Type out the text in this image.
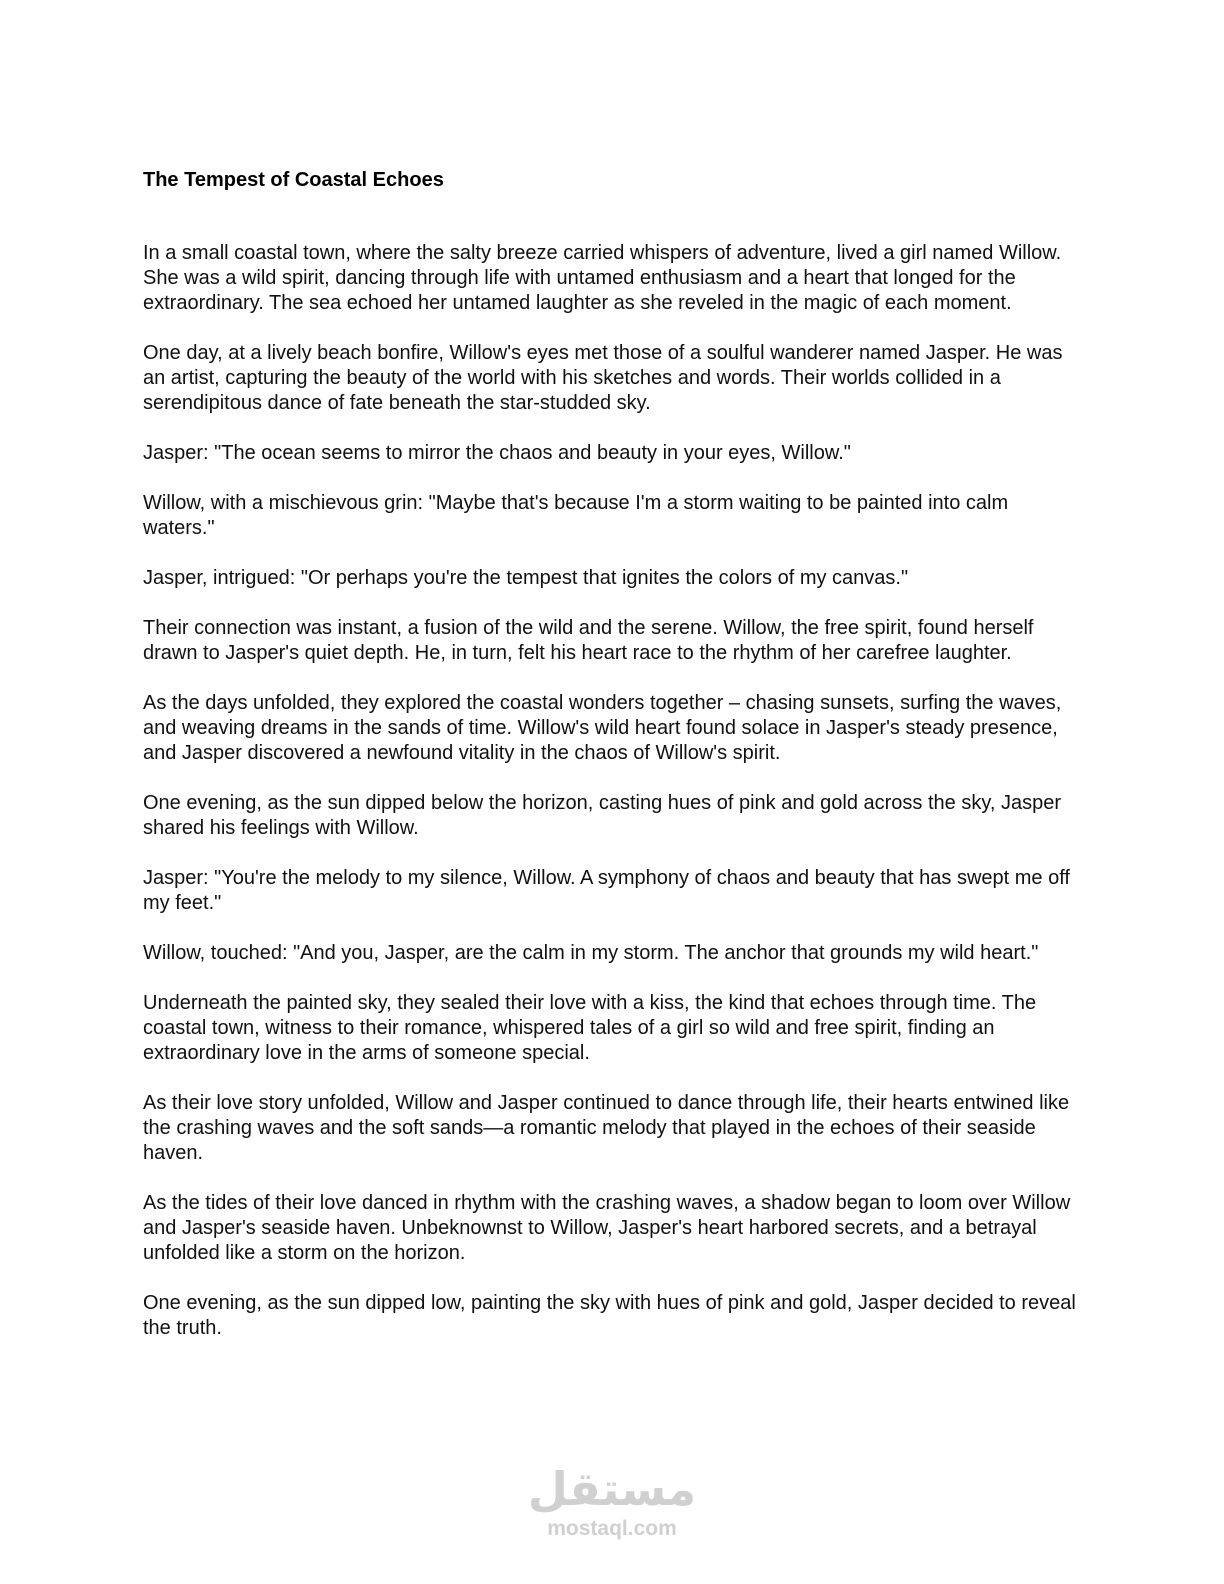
The Tempest of Coastal Echoes

In a small coastal town, where the salty breeze carried whispers of adventure, lived a girl named Willow. She was a wild spirit, dancing through life with untamed enthusiasm and a heart that longed for the extraordinary. The sea echoed her untamed laughter as she reveled in the magic of each moment.

One day, at a lively beach bonfire, Willow's eyes met those of a soulful wanderer named Jasper. He was an artist, capturing the beauty of the world with his sketches and words. Their worlds collided in a serendipitous dance of fate beneath the star-studded sky.

Jasper: "The ocean seems to mirror the chaos and beauty in your eyes, Willow."

Willow, with a mischievous grin: "Maybe that's because I'm a storm waiting to be painted into calm waters."

Jasper, intrigued: "Or perhaps you're the tempest that ignites the colors of my canvas."

Their connection was instant, a fusion of the wild and the serene. Willow, the free spirit, found herself drawn to Jasper's quiet depth. He, in turn, felt his heart race to the rhythm of her carefree laughter.

As the days unfolded, they explored the coastal wonders together – chasing sunsets, surfing the waves, and weaving dreams in the sands of time. Willow's wild heart found solace in Jasper's steady presence, and Jasper discovered a newfound vitality in the chaos of Willow's spirit.

One evening, as the sun dipped below the horizon, casting hues of pink and gold across the sky, Jasper shared his feelings with Willow.

Jasper: "You're the melody to my silence, Willow. A symphony of chaos and beauty that has swept me off my feet."

Willow, touched: "And you, Jasper, are the calm in my storm. The anchor that grounds my wild heart."

Underneath the painted sky, they sealed their love with a kiss, the kind that echoes through time. The coastal town, witness to their romance, whispered tales of a girl so wild and free spirit, finding an extraordinary love in the arms of someone special.

As their love story unfolded, Willow and Jasper continued to dance through life, their hearts entwined like the crashing waves and the soft sands—a romantic melody that played in the echoes of their seaside haven.

As the tides of their love danced in rhythm with the crashing waves, a shadow began to loom over Willow and Jasper's seaside haven. Unbeknownst to Willow, Jasper's heart harbored secrets, and a betrayal unfolded like a storm on the horizon.

One evening, as the sun dipped low, painting the sky with hues of pink and gold, Jasper decided to reveal the truth.

مستقل
mostaql.com
